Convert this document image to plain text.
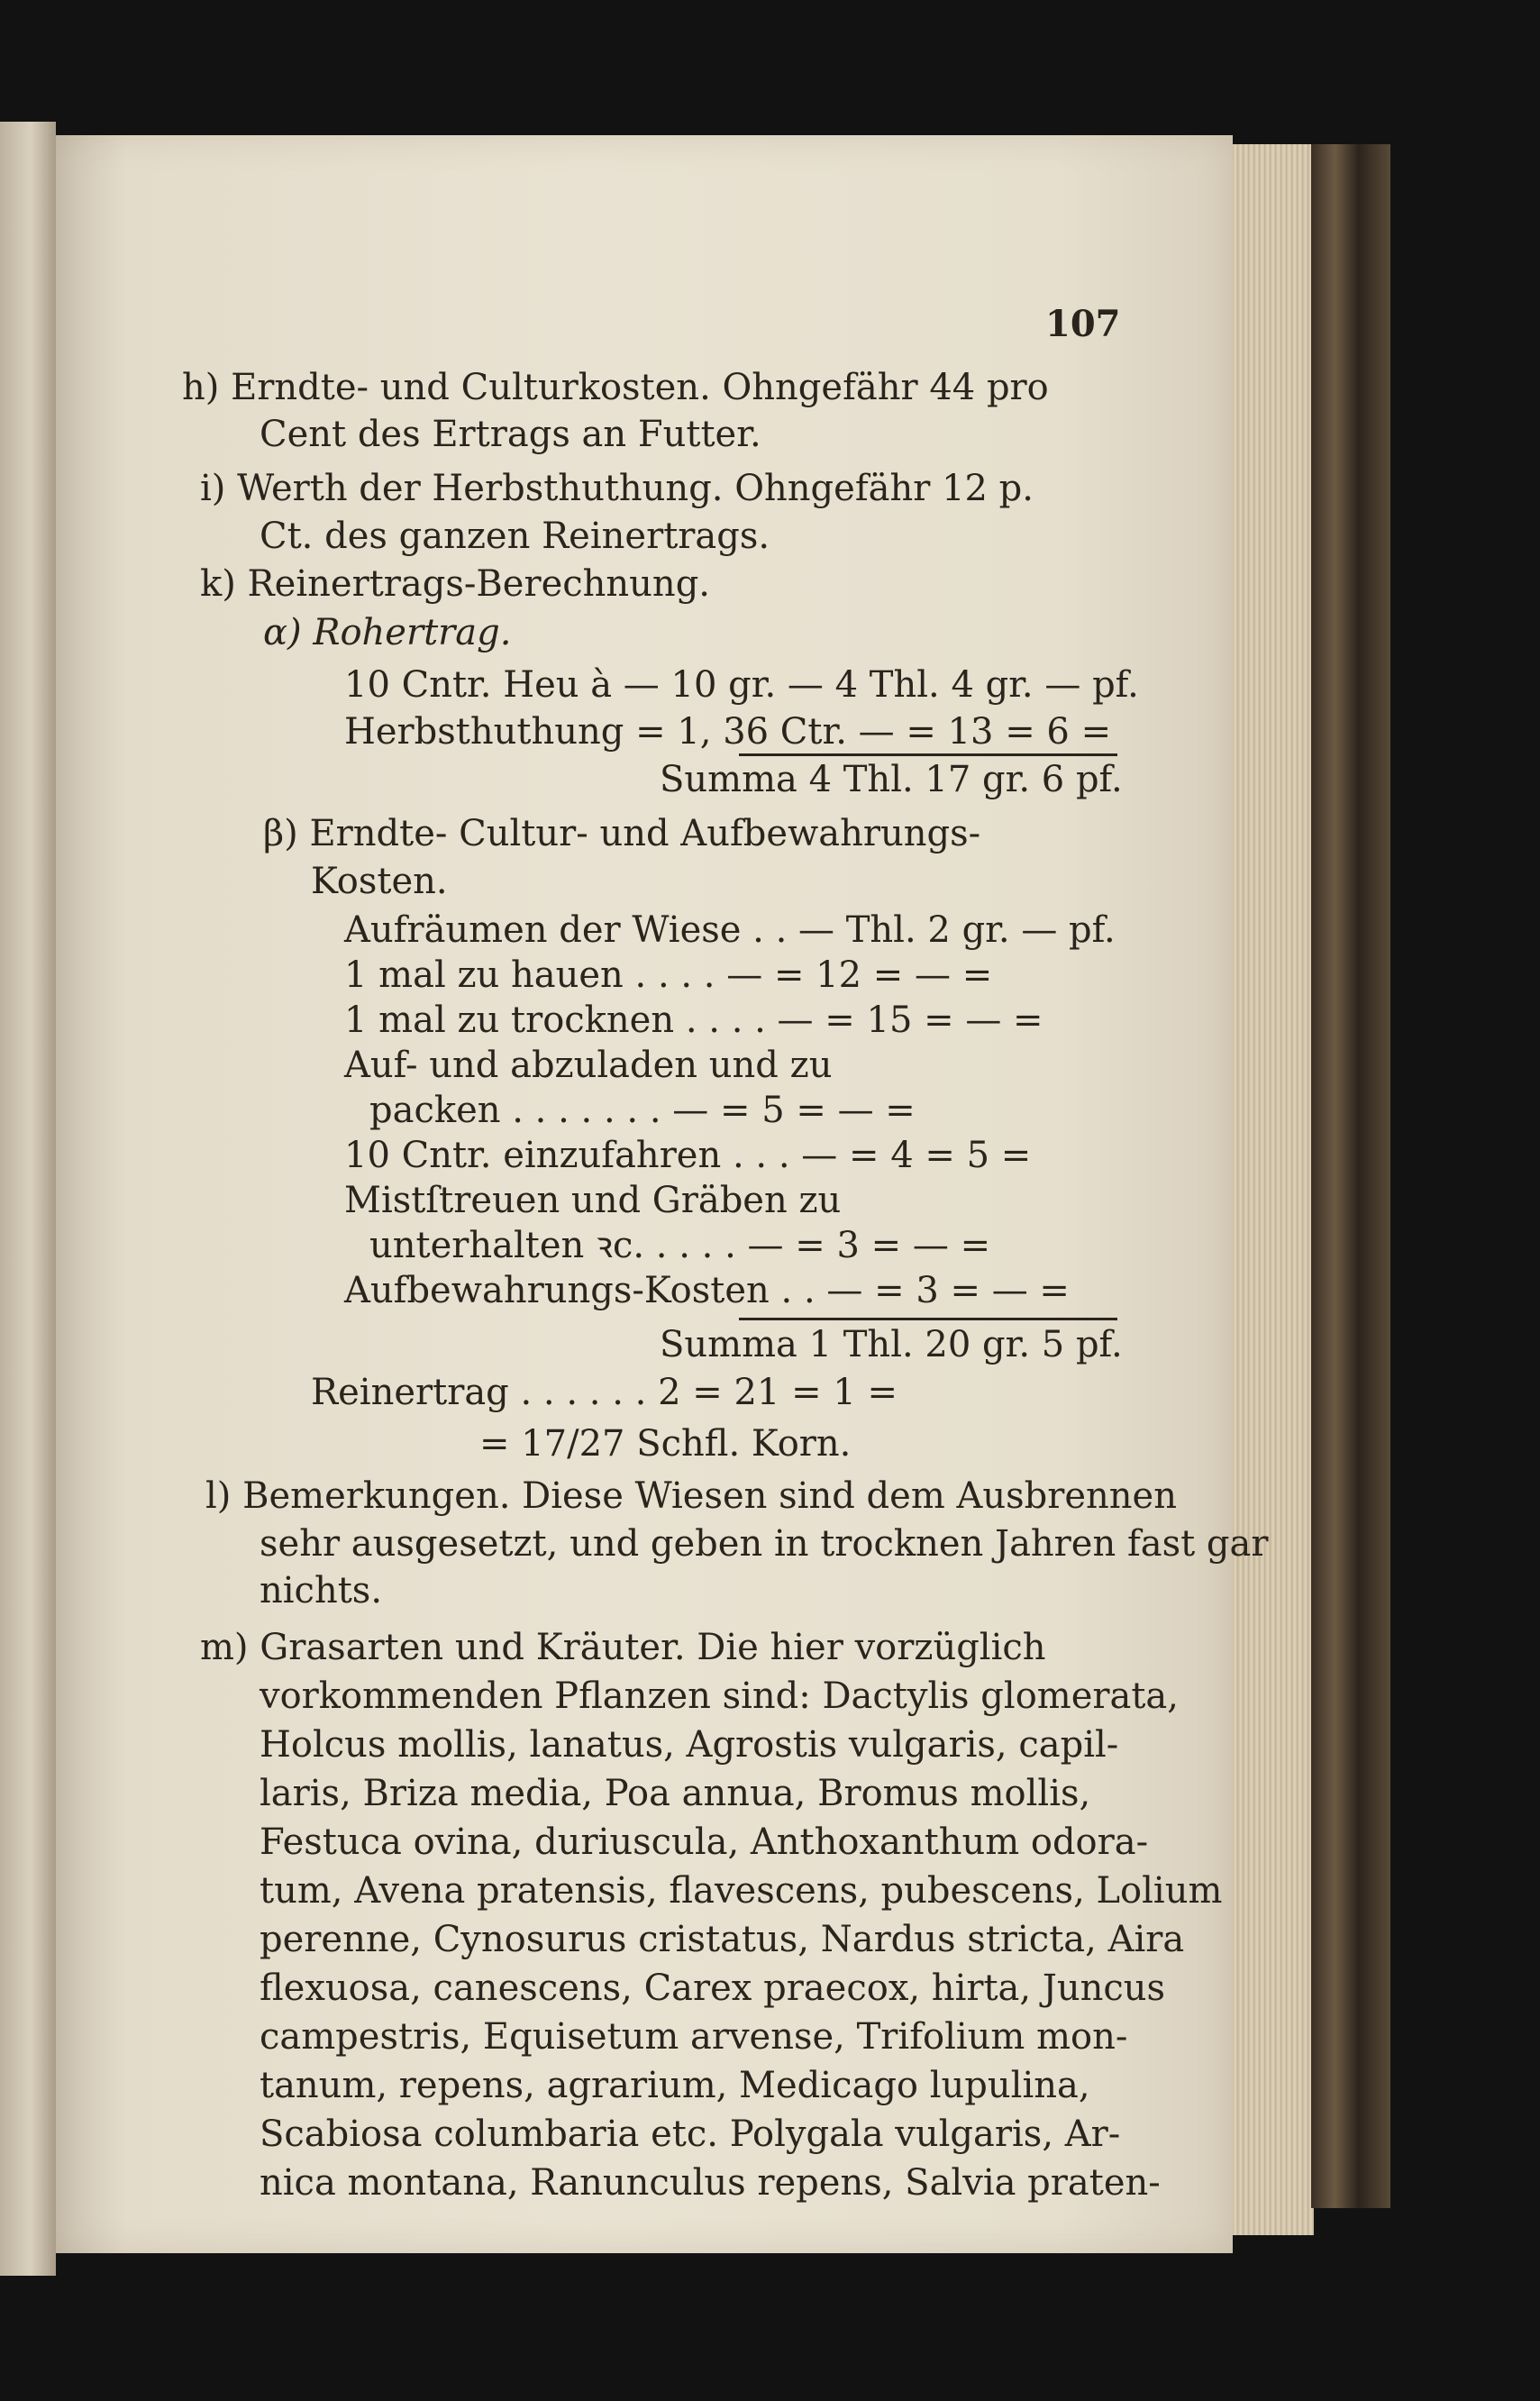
107
h) Erndte- und Culturkosten. Ohngefähr 44 pro
Cent des Ertrags an Futter.
i) Werth der Herbsthuthung. Ohngefähr 12 p.
Ct. des ganzen Reinertrags.
k) Reinertrags-Berechnung.
α) Rohertrag.
10 Cntr. Heu à — 10 gr. — 4 Thl. 4 gr. — pf.
Herbsthuthung = 1, 36 Ctr. — = 13 = 6 =
Summa 4 Thl. 17 gr. 6 pf.
β) Erndte- Cultur- und Aufbewahrungs-
Kosten.
Aufräumen der Wiese . . — Thl. 2 gr. — pf.
1 mal zu hauen . . . . — = 12 = — =
1 mal zu trocknen . . . . — = 15 = — =
Auf- und abzuladen und zu
packen . . . . . . . — = 5 = — =
10 Cntr. einzufahren . . . — = 4 = 5 =
Mistſtreuen und Gräben zu
unterhalten ꝛc. . . . . — = 3 = — =
Aufbewahrungs-Kosten . . — = 3 = — =
Summa 1 Thl. 20 gr. 5 pf.
Reinertrag . . . . . . 2 = 21 = 1 =
= 17/27 Schfl. Korn.
l) Bemerkungen. Diese Wiesen sind dem Ausbrennen
sehr ausgesetzt, und geben in trocknen Jahren fast gar
nichts.
m) Grasarten und Kräuter. Die hier vorzüglich
vorkommenden Pflanzen sind: Dactylis glomerata,
Holcus mollis, lanatus, Agrostis vulgaris, capil-
laris, Briza media, Poa annua, Bromus mollis,
Festuca ovina, duriuscula, Anthoxanthum odora-
tum, Avena pratensis, flavescens, pubescens, Lolium
perenne, Cynosurus cristatus, Nardus stricta, Aira
flexuosa, canescens, Carex praecox, hirta, Juncus
campestris, Equisetum arvense, Trifolium mon-
tanum, repens, agrarium, Medicago lupulina,
Scabiosa columbaria etc. Polygala vulgaris, Ar-
nica montana, Ranunculus repens, Salvia praten-
